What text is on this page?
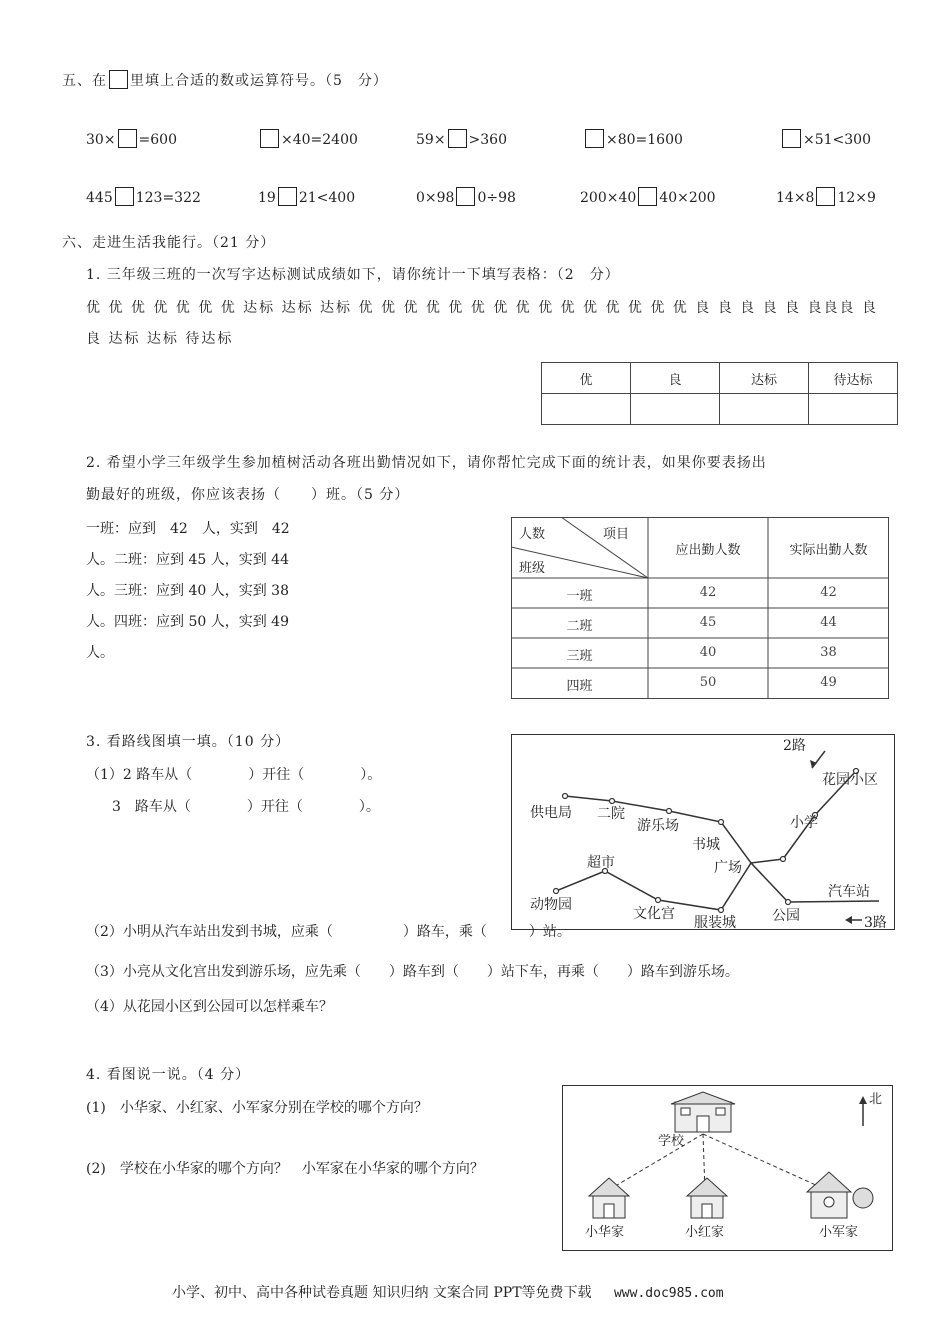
五、在 里填上合适的数或运算符号。（5　分）
30× =600	×40=2400	59× >360	×80=1600	×51<300
445 123=322	19 21<400	0×98 0÷98	200×40 40×200	14×8 12×9
六、走进生活我能行。（21 分）
1. 三年级三班的一次写字达标测试成绩如下，请你统计一下填写表格：（2　分）
优 优 优 优 优 优 优 达标 达标 达标 优 优 优 优 优 优 优 优 优 优 优 优 优 优 优 良 良 良 良 良 良良良 良
良 达标 达标 待达标
优	良	达标	待达标

2. 希望小学三年级学生参加植树活动各班出勤情况如下，请你帮忙完成下面的统计表，如果你要表扬出
勤最好的班级，你应该表扬（　　）班。（5 分）
一班：应到　42　人，实到　42
人。二班：应到 45 人，实到 44
人。三班：应到 40 人，实到 38
人。四班：应到 50 人，实到 49
人。
人数	项目
班级
应出勤人数	实际出勤人数
一班	42	42
二班	45	44
三班	40	38
四班	50	49
3. 看路线图填一填。（10 分）
（1）2 路车从（　　　　）开往（　　　　）。
3　路车从（　　　　）开往（　　　　）。
2路
3路
供电局 二院
游乐场
书城
广场
小学
花园小区
超市
动物园
文化宫
服装城	公园
汽车站
（2）小明从汽车站出发到书城，应乘（　　　　　）路车，乘（　　　）站。
（3）小亮从文化宫出发到游乐场，应先乘（　　）路车到（　　）站下车，再乘（　　）路车到游乐场。
（4）从花园小区到公园可以怎样乘车？
4. 看图说一说。（4 分）
(1)　小华家、小红家、小军家分别在学校的哪个方向？
(2)　学校在小华家的哪个方向？　小军家在小华家的哪个方向？
北
学校
小华家	小红家	小军家
小学、初中、高中各种试卷真题 知识归纳 文案合同 PPT等免费下载 www.doc985.com
